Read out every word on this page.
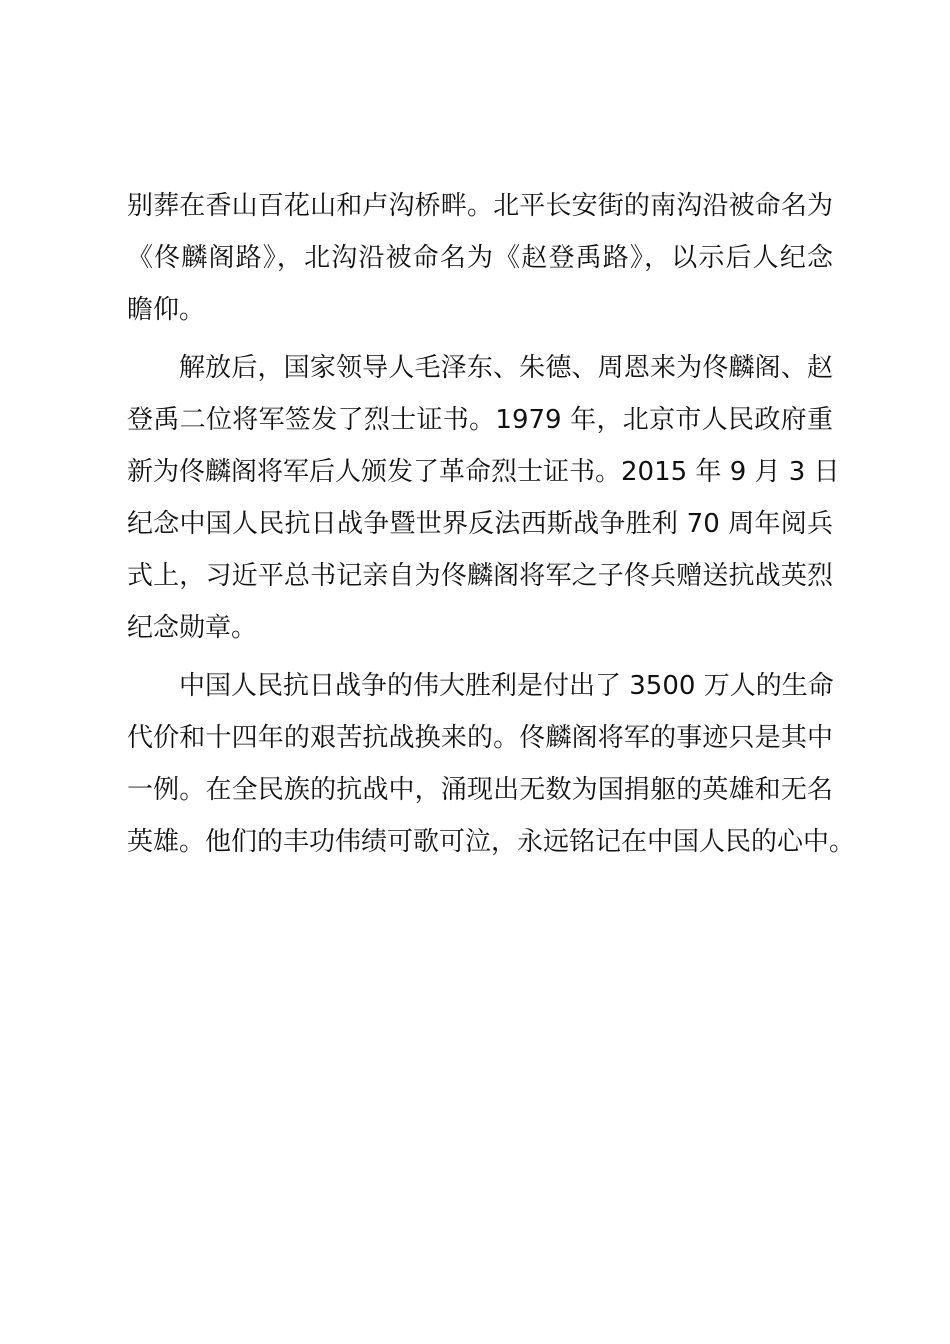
别葬在香山百花山和卢沟桥畔。北平长安街的南沟沿被命名为
《佟麟阁路》，北沟沿被命名为《赵登禹路》，以示后人纪念
瞻仰。
解放后，国家领导人毛泽东、朱德、周恩来为佟麟阁、赵
登禹二位将军签发了烈士证书。1979 年，北京市人民政府重
新为佟麟阁将军后人颁发了革命烈士证书。2015 年 9 月 3 日
纪念中国人民抗日战争暨世界反法西斯战争胜利 70 周年阅兵
式上，习近平总书记亲自为佟麟阁将军之子佟兵赠送抗战英烈
纪念勋章。
中国人民抗日战争的伟大胜利是付出了 3500 万人的生命
代价和十四年的艰苦抗战换来的。佟麟阁将军的事迹只是其中
一例。在全民族的抗战中，涌现出无数为国捐躯的英雄和无名
英雄。他们的丰功伟绩可歌可泣，永远铭记在中国人民的心中。
